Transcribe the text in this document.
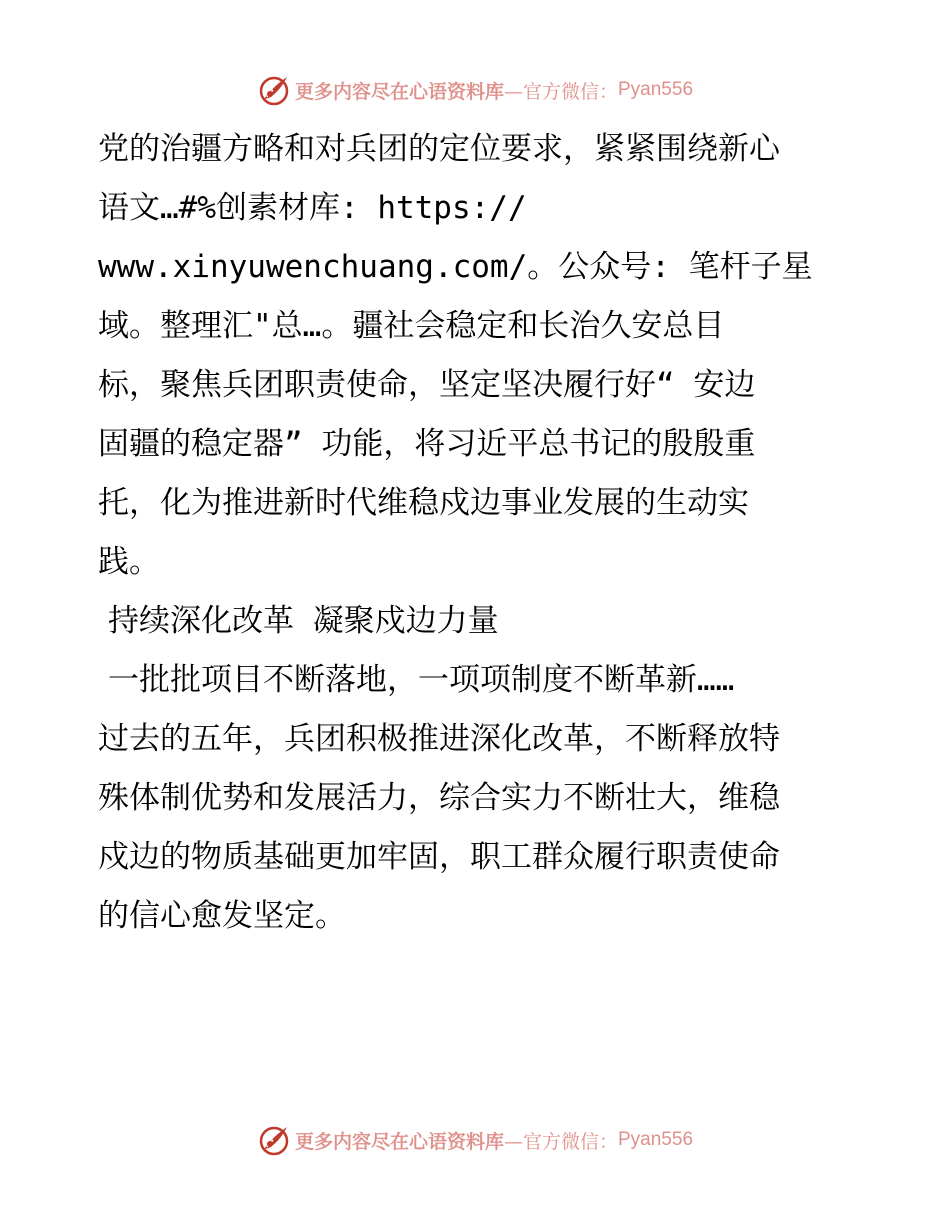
更多内容尽在心语资料库 —官方微信： Pyan556
党的治疆方略和对兵团的定位要求，紧紧围绕新心
语文…#%创素材库: https://
www.xinyuwenchuang.com/。公众号: 笔杆子星
域。整理汇"总…。疆社会稳定和长治久安总目
标，聚焦兵团职责使命，坚定坚决履行好“ 安边
固疆的稳定器” 功能，将习近平总书记的殷殷重
托，化为推进新时代维稳戍边事业发展的生动实
践。
持续深化改革 凝聚戍边力量
一批批项目不断落地，一项项制度不断革新……
过去的五年，兵团积极推进深化改革，不断释放特
殊体制优势和发展活力，综合实力不断壮大，维稳
戍边的物质基础更加牢固，职工群众履行职责使命
的信心愈发坚定。
更多内容尽在心语资料库 —官方微信： Pyan556
